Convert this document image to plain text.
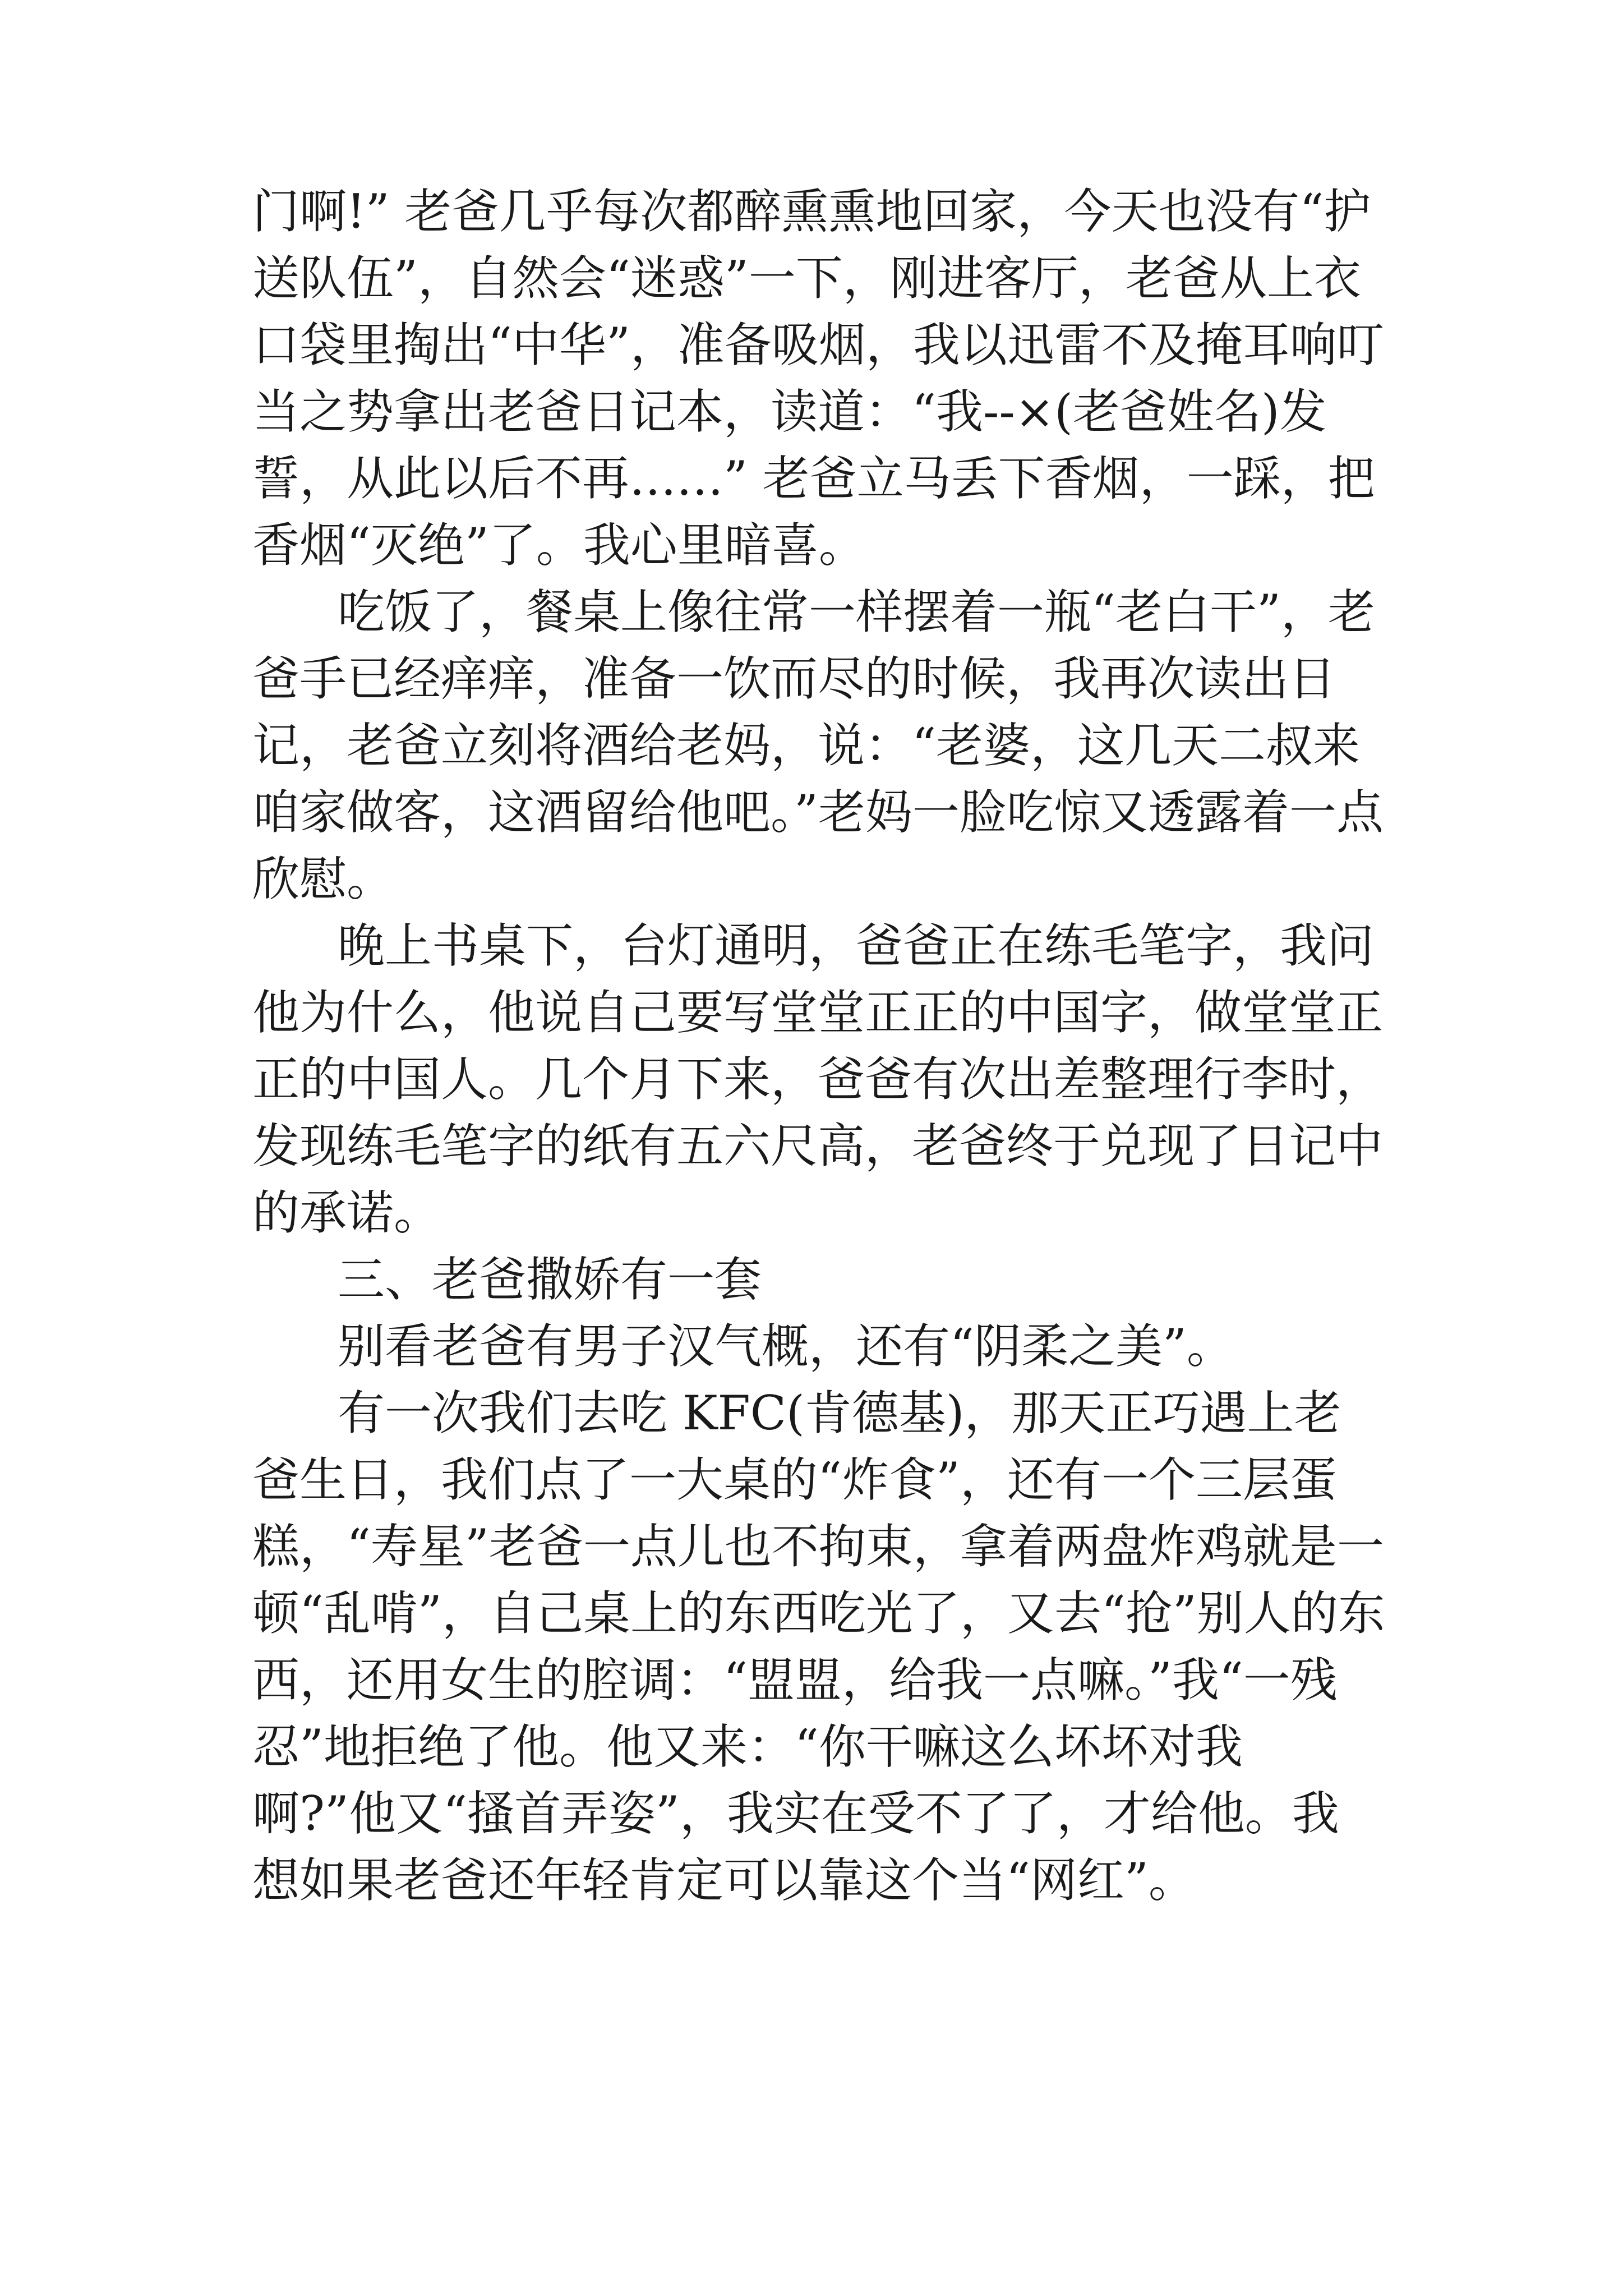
门啊!” 老爸几乎每次都醉熏熏地回家，今天也没有“护送队伍”，自然会“迷惑”一下，刚进客厅，老爸从上衣口袋里掏出“中华”，准备吸烟，我以迅雷不及掩耳响叮当之势拿出老爸日记本，读道：“我--×(老爸姓名)发誓，从此以后不再……” 老爸立马丢下香烟，一踩，把香烟“灭绝”了。我心里暗喜。

吃饭了，餐桌上像往常一样摆着一瓶“老白干”，老爸手已经痒痒，准备一饮而尽的时候，我再次读出日记，老爸立刻将酒给老妈，说：“老婆，这几天二叔来咱家做客，这酒留给他吧。”老妈一脸吃惊又透露着一点欣慰。

晚上书桌下，台灯通明，爸爸正在练毛笔字，我问他为什么，他说自己要写堂堂正正的中国字，做堂堂正正的中国人。几个月下来，爸爸有次出差整理行李时，发现练毛笔字的纸有五六尺高，老爸终于兑现了日记中的承诺。

三、老爸撒娇有一套

别看老爸有男子汉气概，还有“阴柔之美”。

有一次我们去吃 KFC(肯德基)，那天正巧遇上老爸生日，我们点了一大桌的“炸食”，还有一个三层蛋糕，“寿星”老爸一点儿也不拘束，拿着两盘炸鸡就是一顿“乱啃”，自己桌上的东西吃光了，又去“抢”别人的东西，还用女生的腔调：“盟盟，给我一点嘛。”我“一残忍”地拒绝了他。他又来：“你干嘛这么坏坏对我啊?”他又“搔首弄姿”，我实在受不了了，才给他。我想如果老爸还年轻肯定可以靠这个当“网红”。
